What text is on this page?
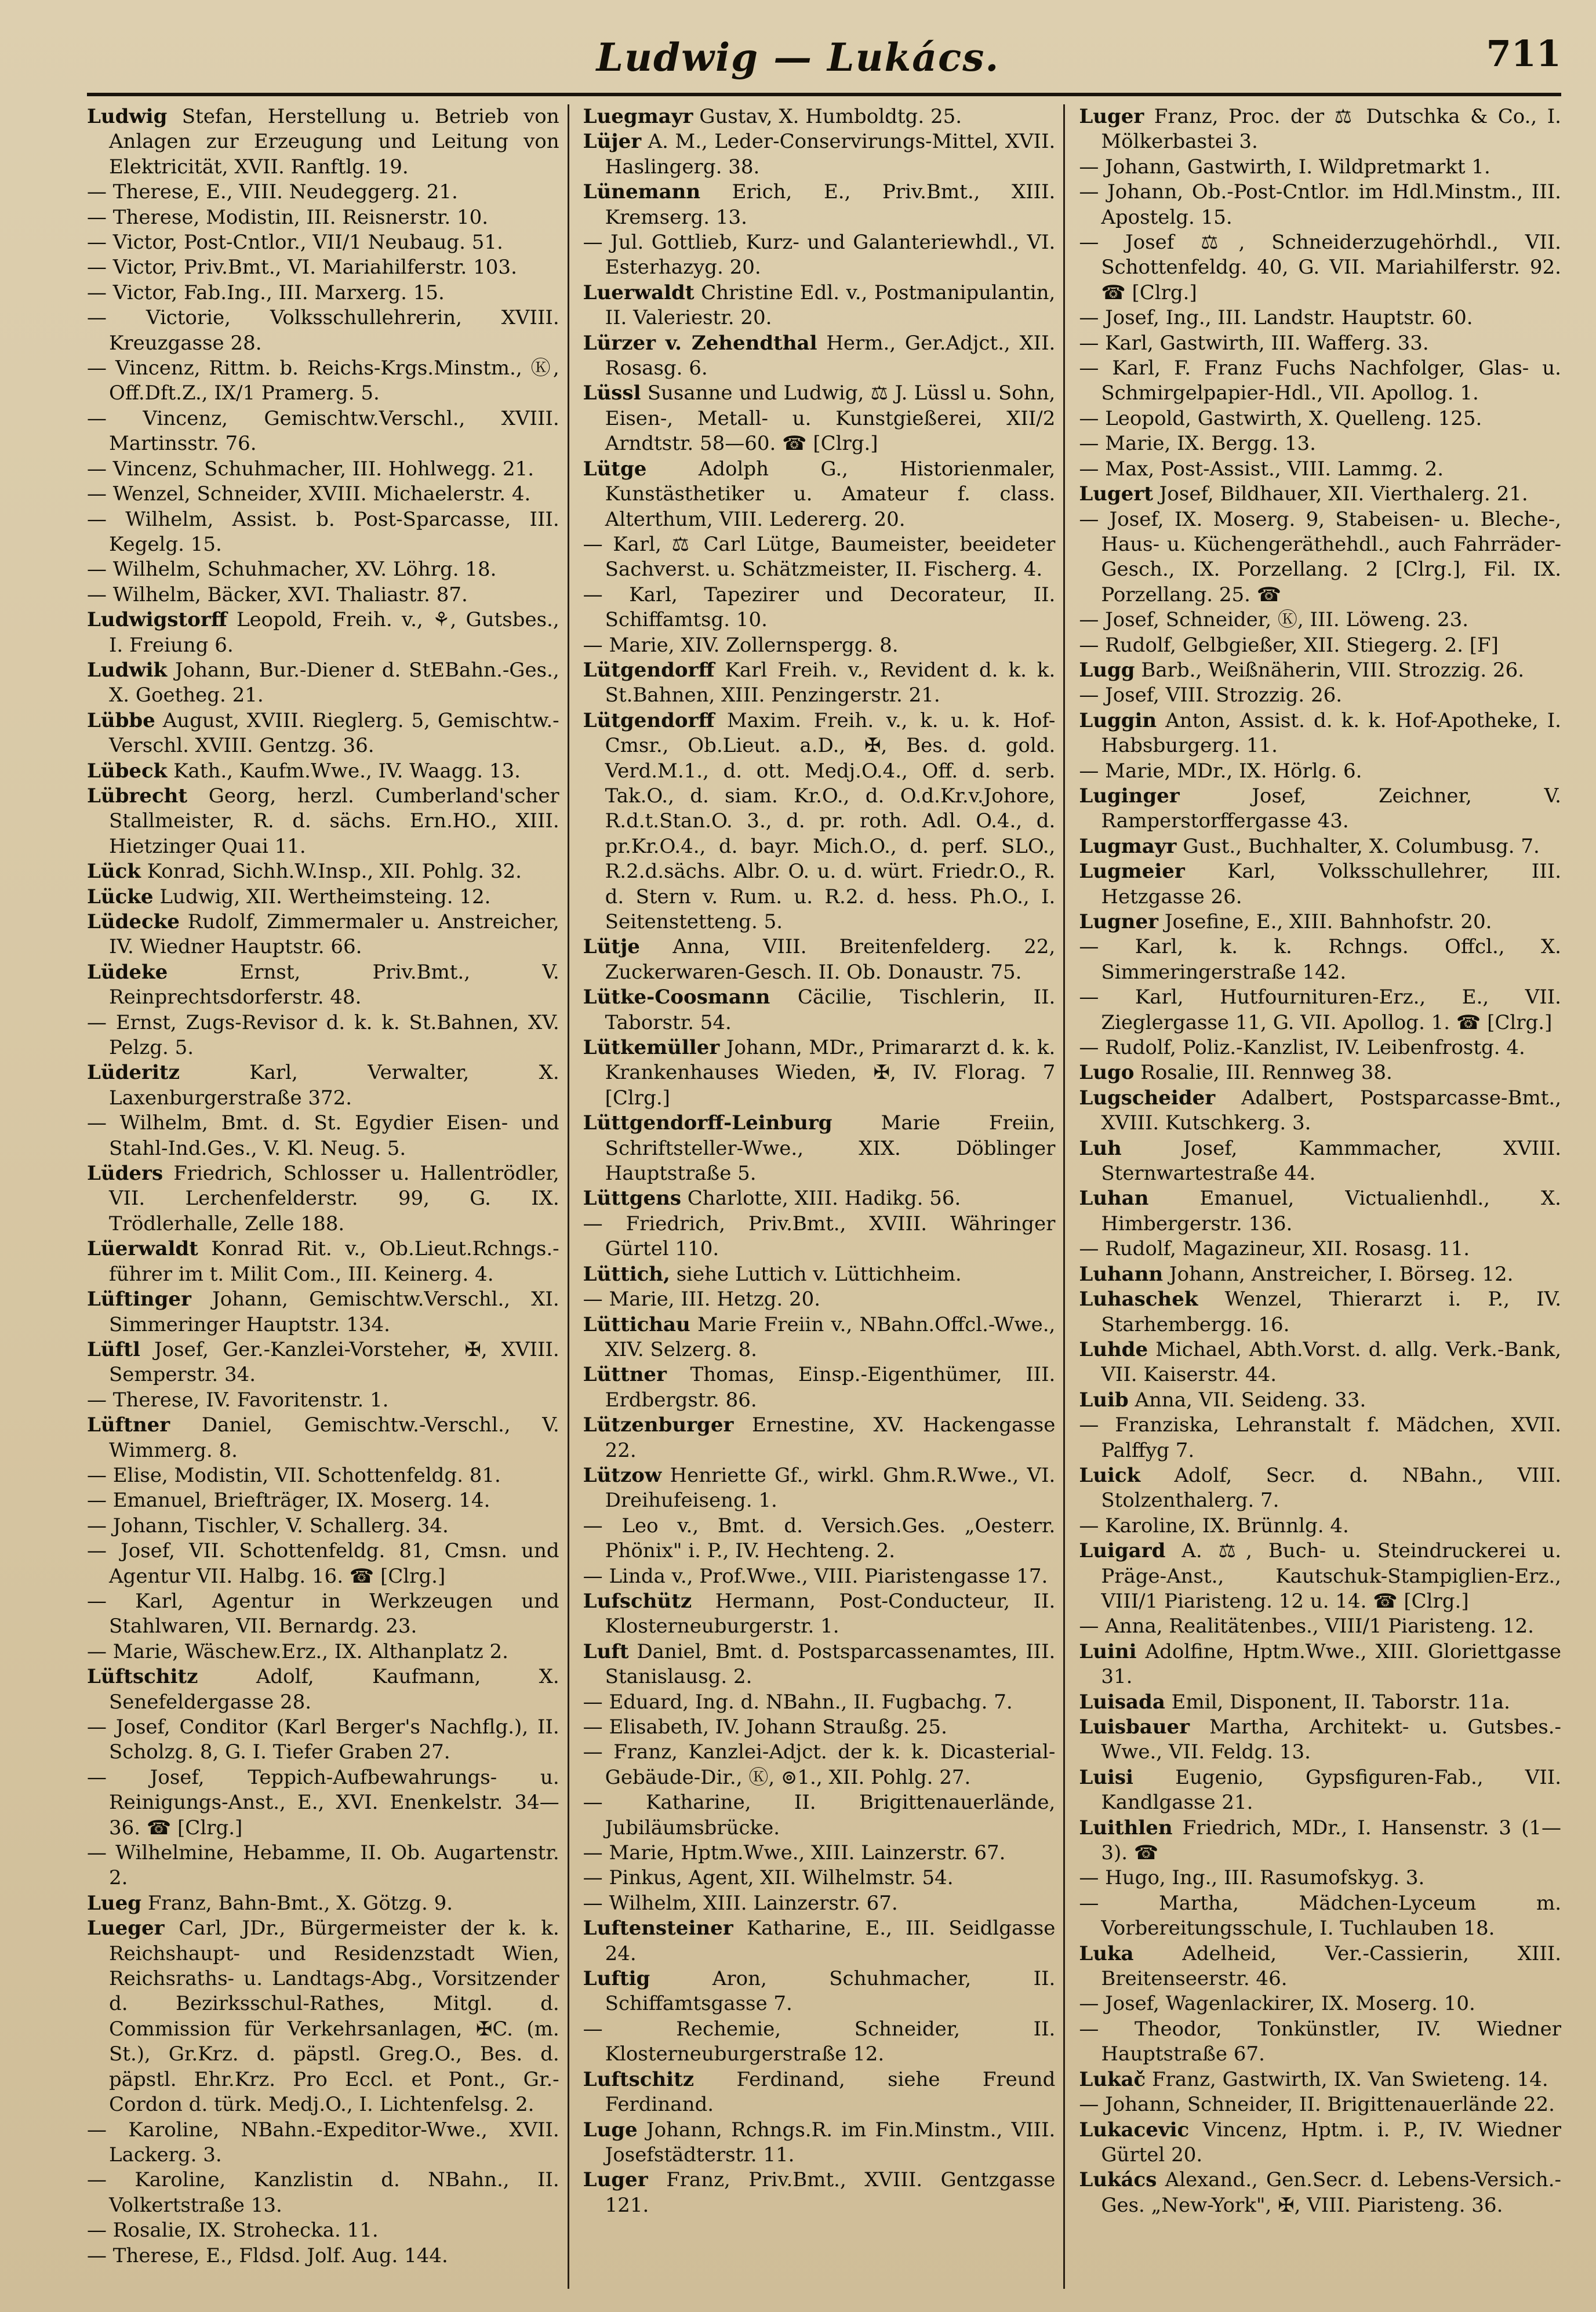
Ludwig — Lukács.	711

Ludwig Stefan, Herstellung u. Betrieb von Anlagen zur Erzeugung und Leitung von Elektricität, XVII. Ranftlg. 19.

— Therese, E., VIII. Neudeggerg. 21.

— Therese, Modistin, III. Reisnerstr. 10.

— Victor, Post-Cntlor., VII/1 Neubaug. 51.

— Victor, Priv.Bmt., VI. Mariahilferstr. 103.

— Victor, Fab.Ing., III. Marxerg. 15.

— Victorie, Volksschullehrerin, XVIII. Kreuzgasse 28.

— Vincenz, Rittm. b. Reichs-Krgs.Minstm., Ⓚ, Off.Dft.Z., IX/1 Pramerg. 5.

— Vincenz, Gemischtw.Verschl., XVIII. Martinsstr. 76.

— Vincenz, Schuhmacher, III. Hohlwegg. 21.

— Wenzel, Schneider, XVIII. Michaelerstr. 4.

— Wilhelm, Assist. b. Post-Sparcasse, III. Kegelg. 15.

— Wilhelm, Schuhmacher, XV. Löhrg. 18.

— Wilhelm, Bäcker, XVI. Thaliastr. 87.

Ludwigstorff Leopold, Freih. v., ⚘, Gutsbes., I. Freiung 6.

Ludwik Johann, Bur.-Diener d. StEBahn.-Ges., X. Goetheg. 21.

Lübbe August, XVIII. Rieglerg. 5, Gemischtw.-Verschl. XVIII. Gentzg. 36.

Lübeck Kath., Kaufm.Wwe., IV. Waagg. 13.

Lübrecht Georg, herzl. Cumberland'scher Stallmeister, R. d. sächs. Ern.HO., XIII. Hietzinger Quai 11.

Lück Konrad, Sichh.W.Insp., XII. Pohlg. 32.

Lücke Ludwig, XII. Wertheimsteing. 12.

Lüdecke Rudolf, Zimmermaler u. Anstreicher, IV. Wiedner Hauptstr. 66.

Lüdeke	Ernst, Priv.Bmt., V. Reinprechtsdorferstr. 48.

— Ernst, Zugs-Revisor d. k. k. St.Bahnen, XV. Pelzg. 5.

Lüderitz	Karl, Verwalter, X. Laxenburgerstraße 372.

— Wilhelm, Bmt. d. St. Egydier Eisen- und Stahl-Ind.Ges., V. Kl. Neug. 5.

Lüders Friedrich, Schlosser u. Hallentrödler, VII. Lerchenfelderstr. 99, G. IX. Trödlerhalle, Zelle 188.

Lüerwaldt Konrad Rit. v., Ob.Lieut.Rchngs.-führer im t. Milit Com., III. Keinerg. 4.

Lüftinger Johann, Gemischtw.Verschl., XI. Simmeringer Hauptstr. 134.

Lüftl Josef, Ger.-Kanzlei-Vorsteher, ✠, XVIII. Semperstr. 34.

— Therese, IV. Favoritenstr. 1.

Lüftner Daniel, Gemischtw.-Verschl., V. Wimmerg. 8.

— Elise, Modistin, VII. Schottenfeldg. 81.

— Emanuel, Briefträger, IX. Moserg. 14.

— Johann, Tischler, V. Schallerg. 34.

— Josef, VII. Schottenfeldg. 81, Cmsn. und Agentur VII. Halbg. 16. ☎ [Clrg.]

— Karl, Agentur in Werkzeugen und Stahlwaren, VII. Bernardg. 23.

— Marie, Wäschew.Erz., IX. Althanplatz 2.

Lüftschitz	Adolf, Kaufmann, X. Senefeldergasse 28.

— Josef, Conditor (Karl Berger's Nachflg.), II. Scholzg. 8, G. I. Tiefer Graben 27.

— Josef, Teppich-Aufbewahrungs- u. Reinigungs-Anst., E., XVI. Enenkelstr. 34—36. ☎ [Clrg.]

— Wilhelmine, Hebamme, II. Ob. Augartenstr. 2.

Lueg Franz, Bahn-Bmt., X. Götzg. 9.

Lueger Carl, JDr., Bürgermeister der k. k. Reichshaupt- und Residenzstadt Wien, Reichsraths- u. Landtags-Abg., Vorsitzender d. Bezirksschul-Rathes, Mitgl. d. Commission für Verkehrsanlagen, ✠C. (m. St.), Gr.Krz. d. päpstl. Greg.O., Bes. d. päpstl. Ehr.Krz. Pro Eccl. et Pont., Gr.-Cordon d. türk. Medj.O., I. Lichtenfelsg. 2.

— Karoline, NBahn.-Expeditor-Wwe., XVII. Lackerg. 3.

— Karoline, Kanzlistin d. NBahn., II. Volkertstraße 13.

— Rosalie, IX. Strohecka. 11.

— Therese, E., Fldsd. Jolf. Aug. 144.

Luegmayr Gustav, X. Humboldtg. 25.

Lüjer A. M., Leder-Conservirungs-Mittel, XVII. Haslingerg. 38.

Lünemann Erich, E., Priv.Bmt., XIII. Kremserg. 13.

— Jul. Gottlieb, Kurz- und Galanteriewhdl., VI. Esterhazyg. 20.

Luerwaldt Christine Edl. v., Postmanipulantin, II. Valeriestr. 20.

Lürzer v. Zehendthal Herm., Ger.Adjct., XII. Rosasg. 6.

Lüssl Susanne und Ludwig, ⚖ J. Lüssl u. Sohn, Eisen-, Metall- u. Kunstgießerei, XII/2 Arndtstr. 58—60. ☎ [Clrg.]

Lütge	Adolph G., Historienmaler, Kunstästhetiker u. Amateur f. class. Alterthum, VIII. Ledererg. 20.

— Karl, ⚖ Carl Lütge, Baumeister, beeideter Sachverst. u. Schätzmeister, II. Fischerg. 4.

— Karl, Tapezirer und Decorateur, II. Schiffamtsg. 10.

— Marie, XIV. Zollernspergg. 8.

Lütgendorff Karl Freih. v., Revident d. k. k. St.Bahnen, XIII. Penzingerstr. 21.

Lütgendorff Maxim. Freih. v., k. u. k. Hof-Cmsr., Ob.Lieut. a.D., ✠, Bes. d. gold. Verd.M.1., d. ott. Medj.O.4., Off. d. serb. Tak.O., d. siam. Kr.O., d. O.d.Kr.v.Johore, R.d.t.Stan.O. 3., d. pr. roth. Adl. O.4., d. pr.Kr.O.4., d. bayr. Mich.O., d. perf. SLO., R.2.d.sächs. Albr. O. u. d. würt. Friedr.O., R. d. Stern v. Rum. u. R.2. d. hess. Ph.O., I. Seitenstetteng. 5.

Lütje Anna, VIII. Breitenfelderg. 22, Zuckerwaren-Gesch. II. Ob. Donaustr. 75.

Lütke-Coosmann Cäcilie, Tischlerin, II. Taborstr. 54.

Lütkemüller Johann, MDr., Primararzt d. k. k. Krankenhauses Wieden, ✠, IV. Florag. 7 [Clrg.]

Lüttgendorff-Leinburg Marie Freiin, Schriftsteller-Wwe., XIX. Döblinger Hauptstraße 5.

Lüttgens Charlotte, XIII. Hadikg. 56.

— Friedrich, Priv.Bmt., XVIII. Währinger Gürtel 110.

Lüttich, siehe Luttich v. Lüttichheim.

— Marie, III. Hetzg. 20.

Lüttichau Marie Freiin v., NBahn.Offcl.-Wwe., XIV. Selzerg. 8.

Lüttner Thomas, Einsp.-Eigenthümer, III. Erdbergstr. 86.

Lützenburger Ernestine, XV. Hackengasse 22.

Lützow Henriette Gf., wirkl. Ghm.R.Wwe., VI. Dreihufeiseng. 1.

— Leo v., Bmt. d. Versich.Ges. „Oesterr. Phönix" i. P., IV. Hechteng. 2.

— Linda v., Prof.Wwe., VIII. Piaristengasse 17.

Lufschütz Hermann, Post-Conducteur, II. Klosterneuburgerstr. 1.

Luft Daniel, Bmt. d. Postsparcassenamtes, III. Stanislausg. 2.

— Eduard, Ing. d. NBahn., II. Fugbachg. 7.

— Elisabeth, IV. Johann Straußg. 25.

— Franz, Kanzlei-Adjct. der k. k. Dicasterial-Gebäude-Dir., Ⓚ, ⊚1., XII. Pohlg. 27.

— Katharine, II. Brigittenauerlände, Jubiläumsbrücke.

— Marie, Hptm.Wwe., XIII. Lainzerstr. 67.

— Pinkus, Agent, XII. Wilhelmstr. 54.

— Wilhelm, XIII. Lainzerstr. 67.

Luftensteiner Katharine, E., III. Seidlgasse 24.

Luftig	Aron, Schuhmacher, II. Schiffamtsgasse 7.

— Rechemie, Schneider, II. Klosterneuburgerstraße 12.

Luftschitz Ferdinand, siehe Freund Ferdinand.

Luge Johann, Rchngs.R. im Fin.Minstm., VIII. Josefstädterstr. 11.

Luger Franz, Priv.Bmt., XVIII. Gentzgasse 121.

Luger Franz, Proc. der ⚖ Dutschka & Co., I. Mölkerbastei 3.

— Johann, Gastwirth, I. Wildpretmarkt 1.

— Johann, Ob.-Post-Cntlor. im Hdl.Minstm., III. Apostelg. 15.

— Josef ⚖, Schneiderzugehörhdl., VII. Schottenfeldg. 40, G. VII. Mariahilferstr. 92. ☎ [Clrg.]

— Josef, Ing., III. Landstr. Hauptstr. 60.

— Karl, Gastwirth, III. Wafferg. 33.

— Karl, F. Franz Fuchs Nachfolger, Glas- u. Schmirgelpapier-Hdl., VII. Apollog. 1.

— Leopold, Gastwirth, X. Quelleng. 125.

— Marie, IX. Bergg. 13.

— Max, Post-Assist., VIII. Lammg. 2.

Lugert Josef, Bildhauer, XII. Vierthalerg. 21.

— Josef, IX. Moserg. 9, Stabeisen- u. Bleche-, Haus- u. Küchengeräthehdl., auch Fahrräder-Gesch., IX. Porzellang. 2 [Clrg.], Fil. IX. Porzellang. 25. ☎

— Josef, Schneider, Ⓚ, III. Löweng. 23.

— Rudolf, Gelbgießer, XII. Stiegerg. 2. [F]

Lugg Barb., Weißnäherin, VIII. Strozzig. 26.

— Josef, VIII. Strozzig. 26.

Luggin Anton, Assist. d. k. k. Hof-Apotheke, I. Habsburgerg. 11.

— Marie, MDr., IX. Hörlg. 6.

Luginger	Josef, Zeichner, V. Ramperstorffergasse 43.

Lugmayr Gust., Buchhalter, X. Columbusg. 7.

Lugmeier Karl, Volksschullehrer, III. Hetzgasse 26.

Lugner Josefine, E., XIII. Bahnhofstr. 20.

— Karl, k. k. Rchngs. Offcl., X. Simmeringerstraße 142.

— Karl, Hutfournituren-Erz., E., VII. Zieglergasse 11, G. VII. Apollog. 1. ☎ [Clrg.]

— Rudolf, Poliz.-Kanzlist, IV. Leibenfrostg. 4.

Lugo Rosalie, III. Rennweg 38.

Lugscheider Adalbert, Postsparcasse-Bmt., XVIII. Kutschkerg. 3.

Luh	Josef, Kammmacher, XVIII. Sternwartestraße 44.

Luhan	Emanuel, Victualienhdl., X. Himbergerstr. 136.

— Rudolf, Magazineur, XII. Rosasg. 11.

Luhann Johann, Anstreicher, I. Börseg. 12.

Luhaschek Wenzel, Thierarzt i. P., IV. Starhembergg. 16.

Luhde Michael, Abth.Vorst. d. allg. Verk.-Bank, VII. Kaiserstr. 44.

Luib Anna, VII. Seideng. 33.

— Franziska, Lehranstalt f. Mädchen, XVII. Palffyg 7.

Luick Adolf, Secr. d. NBahn., VIII. Stolzenthalerg. 7.

— Karoline, IX. Brünnlg. 4.

Luigard A. ⚖, Buch- u. Steindruckerei u. Präge-Anst., Kautschuk-Stampiglien-Erz., VIII/1 Piaristeng. 12 u. 14. ☎ [Clrg.]

— Anna, Realitätenbes., VIII/1 Piaristeng. 12.

Luini Adolfine, Hptm.Wwe., XIII. Gloriettgasse 31.

Luisada Emil, Disponent, II. Taborstr. 11a.

Luisbauer Martha, Architekt- u. Gutsbes.-Wwe., VII. Feldg. 13.

Luisi Eugenio, Gypsfiguren-Fab., VII. Kandlgasse 21.

Luithlen Friedrich, MDr., I. Hansenstr. 3 (1—3). ☎

— Hugo, Ing., III. Rasumofskyg. 3.

— Martha, Mädchen-Lyceum m. Vorbereitungsschule, I. Tuchlauben 18.

Luka Adelheid, Ver.-Cassierin, XIII. Breitenseerstr. 46.

— Josef, Wagenlackirer, IX. Moserg. 10.

— Theodor, Tonkünstler, IV. Wiedner Hauptstraße 67.

Lukač Franz, Gastwirth, IX. Van Swieteng. 14.

— Johann, Schneider, II. Brigittenauerlände 22.

Lukacevic Vincenz, Hptm. i. P., IV. Wiedner Gürtel 20.

Lukács Alexand., Gen.Secr. d. Lebens-Versich.-Ges. „New-York", ✠, VIII. Piaristeng. 36.
